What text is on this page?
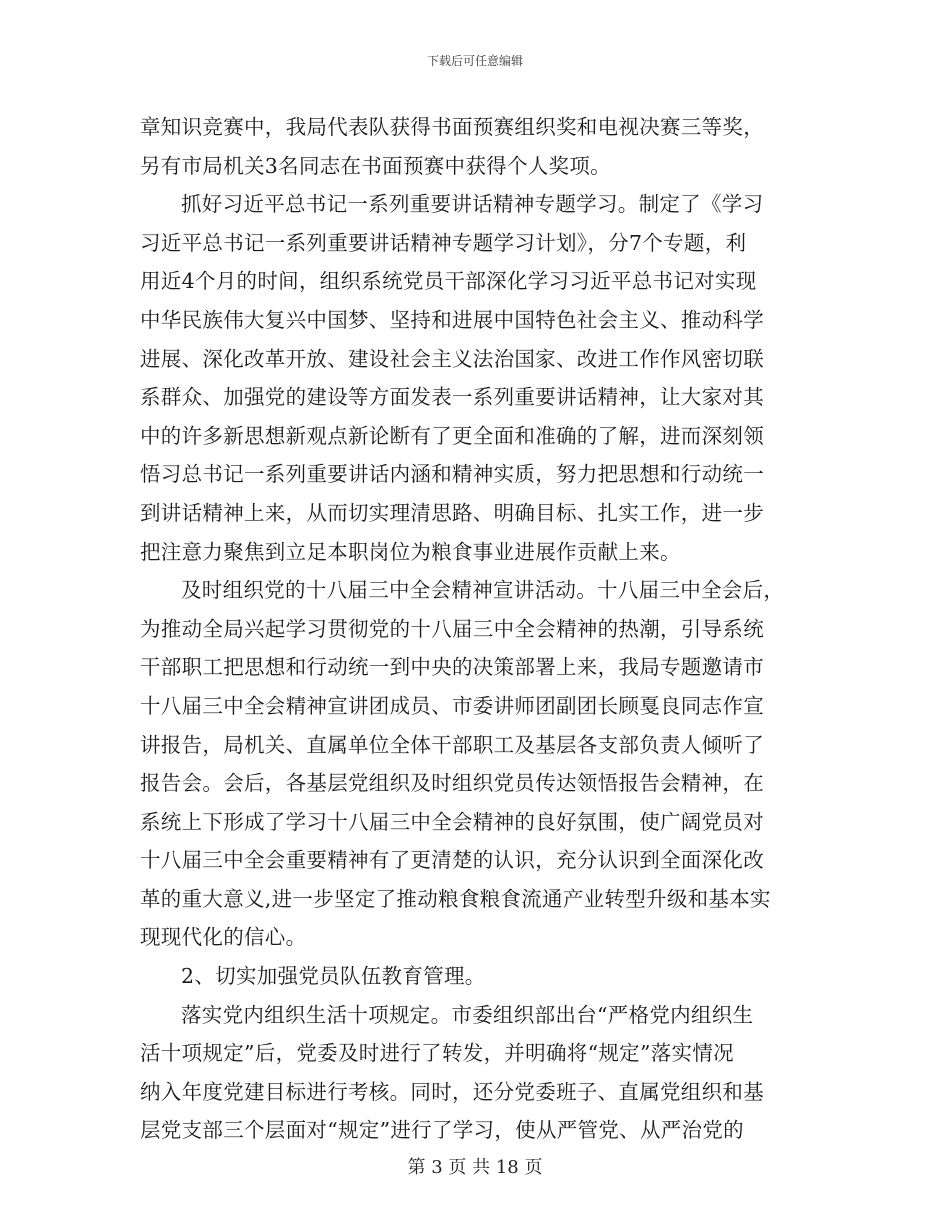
下载后可任意编辑
章知识竞赛中，我局代表队获得书面预赛组织奖和电视决赛三等奖，
另有市局机关3名同志在书面预赛中获得个人奖项。
抓好习近平总书记一系列重要讲话精神专题学习。制定了《学习
习近平总书记一系列重要讲话精神专题学习计划》，分7个专题，利
用近4个月的时间，组织系统党员干部深化学习习近平总书记对实现
中华民族伟大复兴中国梦、坚持和进展中国特色社会主义、推动科学
进展、深化改革开放、建设社会主义法治国家、改进工作作风密切联
系群众、加强党的建设等方面发表一系列重要讲话精神，让大家对其
中的许多新思想新观点新论断有了更全面和准确的了解，进而深刻领
悟习总书记一系列重要讲话内涵和精神实质，努力把思想和行动统一
到讲话精神上来，从而切实理清思路、明确目标、扎实工作，进一步
把注意力聚焦到立足本职岗位为粮食事业进展作贡献上来。
及时组织党的十八届三中全会精神宣讲活动。十八届三中全会后，
为推动全局兴起学习贯彻党的十八届三中全会精神的热潮，引导系统
干部职工把思想和行动统一到中央的决策部署上来，我局专题邀请市
十八届三中全会精神宣讲团成员、市委讲师团副团长顾戛良同志作宣
讲报告，局机关、直属单位全体干部职工及基层各支部负责人倾听了
报告会。会后，各基层党组织及时组织党员传达领悟报告会精神，在
系统上下形成了学习十八届三中全会精神的良好氛围，使广阔党员对
十八届三中全会重要精神有了更清楚的认识，充分认识到全面深化改
革的重大意义,进一步坚定了推动粮食粮食流通产业转型升级和基本实
现现代化的信心。
2、切实加强党员队伍教育管理。
落实党内组织生活十项规定。市委组织部出台“严格党内组织生
活十项规定”后，党委及时进行了转发，并明确将“规定”落实情况
纳入年度党建目标进行考核。同时，还分党委班子、直属党组织和基
层党支部三个层面对“规定”进行了学习，使从严管党、从严治党的
第 3 页 共 18 页
